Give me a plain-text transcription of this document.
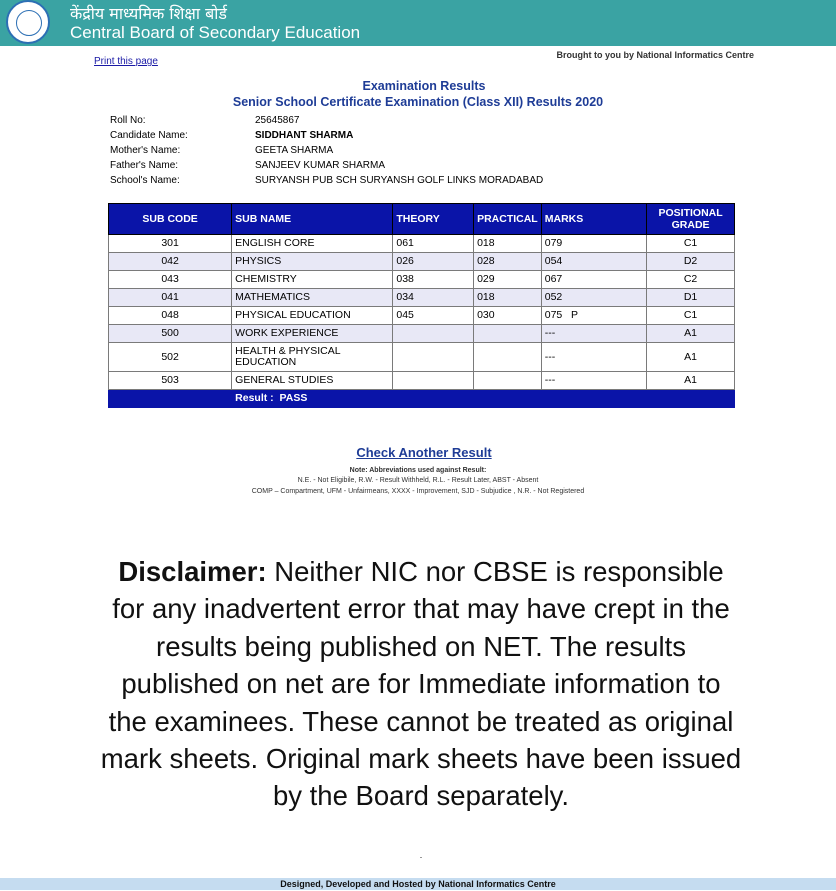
केंद्रीय माध्यमिक शिक्षा बोर्ड
Central Board of Secondary Education
Print this page
Brought to you by National Informatics Centre
Examination Results
Senior School Certificate Examination (Class XII) Results 2020
Roll No:	25645867
Candidate Name:	SIDDHANT SHARMA
Mother's Name:	GEETA SHARMA
Father's Name:	SANJEEV KUMAR SHARMA
School's Name:	SURYANSH PUB SCH SURYANSH GOLF LINKS MORADABAD
SUB CODE	SUB NAME	THEORY	PRACTICAL	MARKS	POSITIONAL GRADE
301	ENGLISH CORE	061	018	079	C1
042	PHYSICS	026	028	054	D2
043	CHEMISTRY	038	029	067	C2
041	MATHEMATICS	034	018	052	D1
048	PHYSICAL EDUCATION	045	030	075   P	C1
500	WORK EXPERIENCE			---	A1
502	HEALTH & PHYSICAL EDUCATION			---	A1
503	GENERAL STUDIES			---	A1
	Result : PASS				
Check Another Result
Note: Abbreviations used against Result:
N.E. - Not Eligibile, R.W. - Result Withheld, R.L. - Result Later, ABST - Absent
COMP – Compartment, UFM - Unfairmeans, XXXX - Improvement, SJD - Subjudice , N.R. - Not Registered
Disclaimer: Neither NIC nor CBSE is responsible for any inadvertent error that may have crept in the results being published on NET. The results published on net are for Immediate information to the examinees. These cannot be treated as original mark sheets. Original mark sheets have been issued by the Board separately.
Designed, Developed and Hosted by National Informatics Centre
